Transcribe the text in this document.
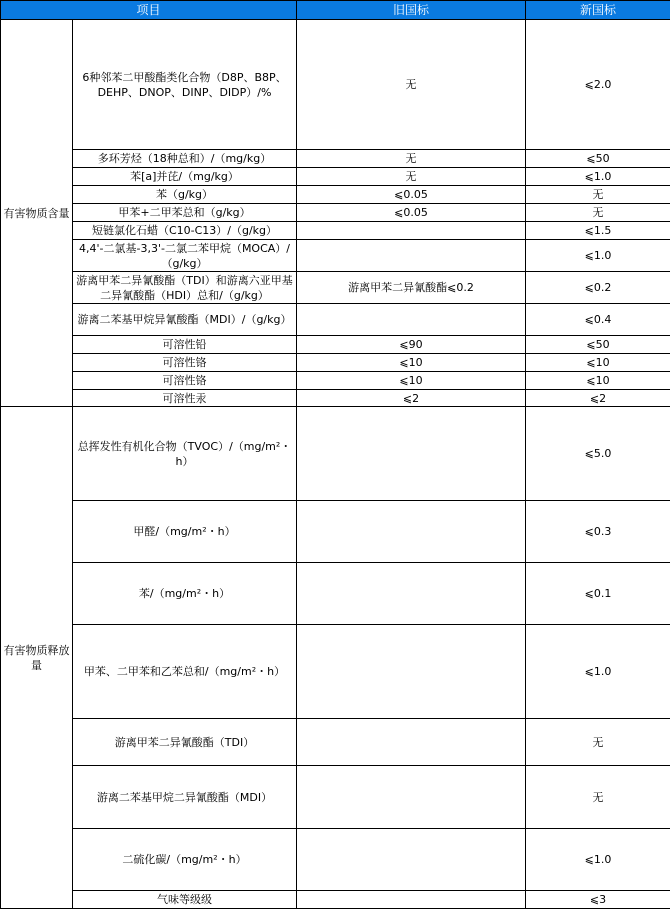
项目		旧国标	新国标
有害物质含量	6种邻苯二甲酸酯类化合物（D8P、B8P、DEHP、DNOP、DINP、DIDP）/%	无	⩽2.0
	多环芳烃（18种总和）/（mg/kg）	无	⩽50
	苯[a]并芘/（mg/kg）	无	⩽1.0
	苯（g/kg）	⩽0.05	无
	甲苯+二甲苯总和（g/kg）	⩽0.05	无
	短链氯化石蜡（C10-C13）/（g/kg）		⩽1.5
	4,4'-二氯基-3,3'-二氯二苯甲烷（MOCA）/（g/kg）		⩽1.0
	游离甲苯二异氰酸酯（TDI）和游离六亚甲基二异氰酸酯（HDI）总和/（g/kg）	游离甲苯二异氰酸酯⩽0.2	⩽0.2
	游离二苯基甲烷异氰酸酯（MDI）/（g/kg）		⩽0.4
	可溶性铅	⩽90	⩽50
	可溶性铬	⩽10	⩽10
	可溶性铬	⩽10	⩽10
	可溶性汞	⩽2	⩽2
有害物质释放量	总挥发性有机化合物（TVOC）/（mg/m²・h）		⩽5.0
	甲醛/（mg/m²・h）		⩽0.3
	苯/（mg/m²・h）		⩽0.1
	甲苯、二甲苯和乙苯总和/（mg/m²・h）		⩽1.0
	游离甲苯二异氰酸酯（TDI）		无
	游离二苯基甲烷二异氰酸酯（MDI）		无
	二硫化碳/（mg/m²・h）		⩽1.0
	气味等级级		⩽3
